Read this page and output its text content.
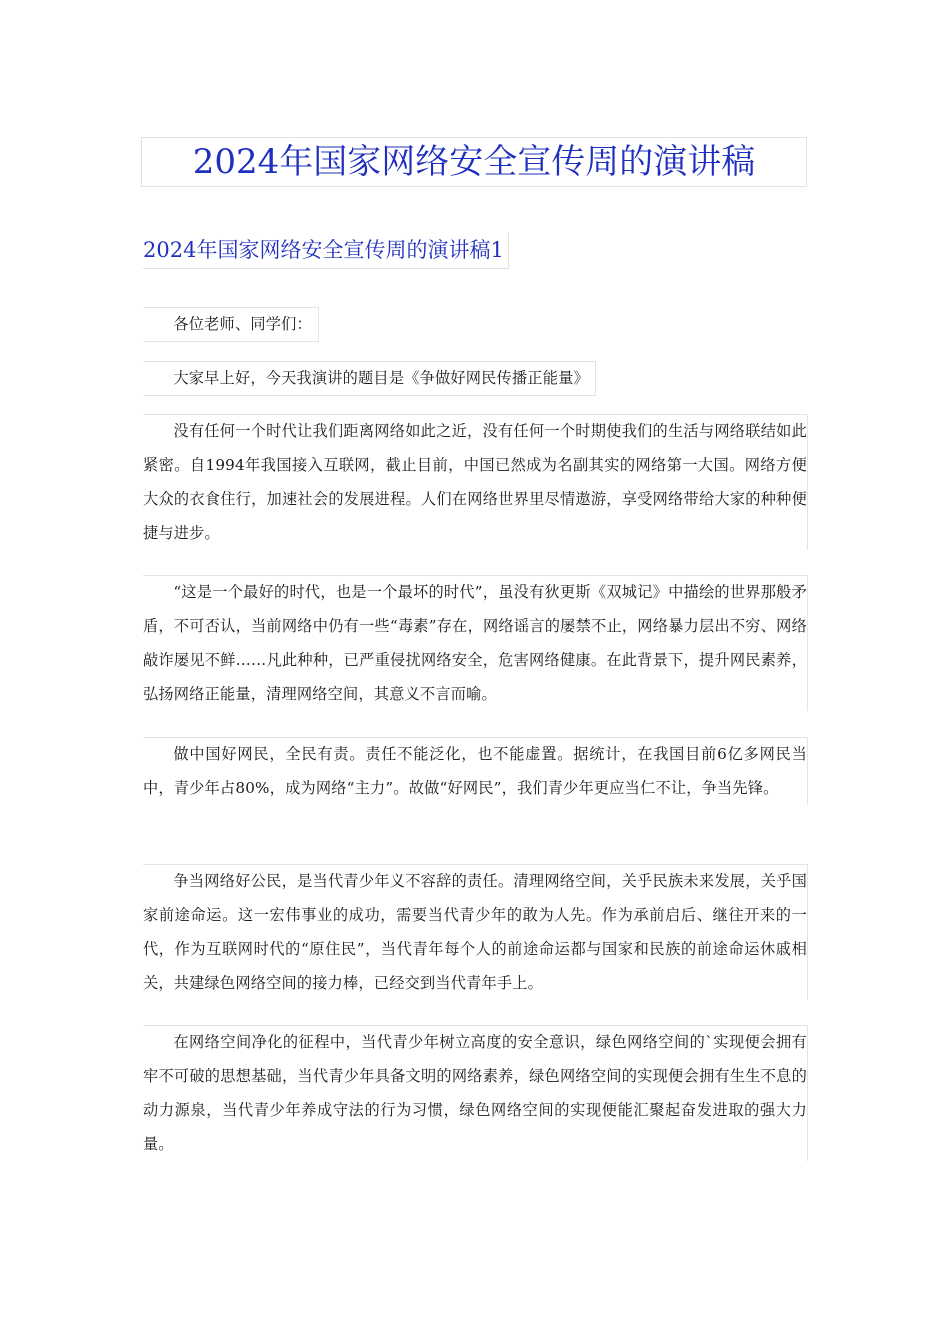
2024年国家网络安全宣传周的演讲稿
2024年国家网络安全宣传周的演讲稿1
各位老师、同学们：
大家早上好，今天我演讲的题目是《争做好网民传播正能量》
没有任何一个时代让我们距离网络如此之近，没有任何一个时期使我们的生活与网络联结如此紧密。自1994年我国接入互联网，截止目前，中国已然成为名副其实的网络第一大国。网络方便大众的衣食住行，加速社会的发展进程。人们在网络世界里尽情遨游，享受网络带给大家的种种便捷与进步。
“这是一个最好的时代，也是一个最坏的时代”，虽没有狄更斯《双城记》中描绘的世界那般矛盾，不可否认，当前网络中仍有一些“毒素”存在，网络谣言的屡禁不止，网络暴力层出不穷、网络敲诈屡见不鲜……凡此种种，已严重侵扰网络安全，危害网络健康。在此背景下，提升网民素养，弘扬网络正能量，清理网络空间，其意义不言而喻。
做中国好网民，全民有责。责任不能泛化，也不能虚置。据统计，在我国目前6亿多网民当中，青少年占80%，成为网络“主力”。故做“好网民”，我们青少年更应当仁不让，争当先锋。
争当网络好公民，是当代青少年义不容辞的责任。清理网络空间，关乎民族未来发展，关乎国家前途命运。这一宏伟事业的成功，需要当代青少年的敢为人先。作为承前启后、继往开来的一代，作为互联网时代的“原住民”，当代青年每个人的前途命运都与国家和民族的前途命运休戚相关，共建绿色网络空间的接力棒，已经交到当代青年手上。
在网络空间净化的征程中，当代青少年树立高度的安全意识，绿色网络空间的`实现便会拥有牢不可破的思想基础，当代青少年具备文明的网络素养，绿色网络空间的实现便会拥有生生不息的动力源泉，当代青少年养成守法的行为习惯，绿色网络空间的实现便能汇聚起奋发进取的强大力量。
